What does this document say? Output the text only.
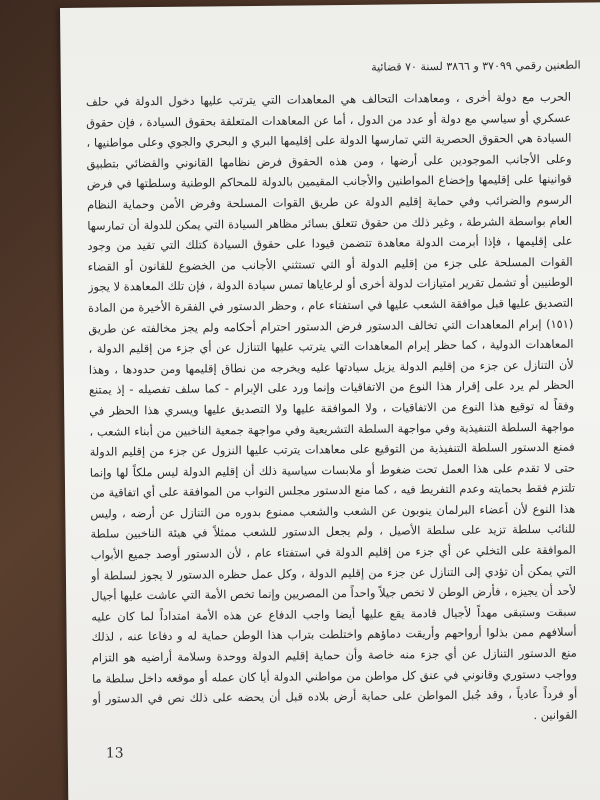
الطعنين رقمي ٣٧٠٩٩ و ٣٨٦٦ لسنة ٧٠ قضائية
الحرب مع دولة أخرى ، ومعاهدات التحالف هي المعاهدات التي يترتب عليها دخول الدولة في حلف عسكري أو سياسي مع دولة أو عدد من الدول ، أما عن المعاهدات المتعلقة بحقوق السيادة ، فإن حقوق السيادة هي الحقوق الحصرية التي تمارسها الدولة على إقليمها البري و البحري والجوي وعلى مواطنيها ، وعلى الأجانب الموجودين على أرضها ، ومن هذه الحقوق فرض نظامها القانوني والقضائي بتطبيق قوانينها على إقليمها وإخضاع المواطنين والأجانب المقيمين بالدولة للمحاكم الوطنية وسلطتها في فرض الرسوم والضرائب وفي حماية إقليم الدولة عن طريق القوات المسلحة وفرض الأمن وحماية النظام العام بواسطة الشرطة ، وغير ذلك من حقوق تتعلق بسائر مظاهر السيادة التي يمكن للدولة أن تمارسها على إقليمها ، فإذا أبرمت الدولة معاهدة تتضمن قيودا على حقوق السيادة كتلك التي تقيد من وجود القوات المسلحة على جزء من إقليم الدولة أو التي تستثني الأجانب من الخضوع للقانون أو القضاء الوطنيين أو تشمل تقرير امتيازات لدولة أخرى أو لرعاياها تمس سيادة الدولة ، فإن تلك المعاهدة لا يجوز التصديق عليها قبل موافقة الشعب عليها في استفتاء عام ، وحظر الدستور في الفقرة الأخيرة من المادة (١٥١) إبرام المعاهدات التي تخالف الدستور فرض الدستور احترام أحكامه ولم يجز مخالفته عن طريق المعاهدات الدولية ، كما حظر إبرام المعاهدات التي يترتب عليها التنازل عن أي جزء من إقليم الدولة ، لأن التنازل عن جزء من إقليم الدولة يزيل سيادتها عليه ويخرجه من نطاق إقليمها ومن حدودها ، وهذا الحظر لم يرد على إقرار هذا النوع من الاتفاقيات وإنما ورد على الإبرام - كما سلف تفصيله - إذ يمتنع وفقاً له توقيع هذا النوع من الاتفاقيات ، ولا الموافقة عليها ولا التصديق عليها ويسري هذا الحظر في مواجهة السلطة التنفيذية وفي مواجهة السلطة التشريعية وفي مواجهة جمعية الناخبين من أبناء الشعب ، فمنع الدستور السلطة التنفيذية من التوقيع على معاهدات يترتب عليها النزول عن جزء من إقليم الدولة حتى لا تقدم على هذا العمل تحت ضغوط أو ملابسات سياسية ذلك أن إقليم الدولة ليس ملكاً لها وإنما تلتزم فقط بحمايته وعدم التفريط فيه ، كما منع الدستور مجلس النواب من الموافقة على أي اتفاقية من هذا النوع لأن أعضاء البرلمان ينوبون عن الشعب والشعب ممنوع بدوره من التنازل عن أرضه ، وليس للنائب سلطة تزيد على سلطة الأصيل ، ولم يجعل الدستور للشعب ممثلاً في هيئة الناخبين سلطة الموافقة على التخلي عن أي جزء من إقليم الدولة في استفتاء عام ، لأن الدستور أوصد جميع الأبواب التي يمكن أن تؤدي إلى التنازل عن جزء من إقليم الدولة ، وكل عمل حظره الدستور لا يجوز لسلطة أو لأحد أن يجيزه ، فأرض الوطن لا تخص جيلاً واحداً من المصريين وإنما تخص الأمة التي عاشت عليها أجيال سبقت وستبقى مهداً لأجيال قادمة يقع عليها أيضا واجب الدفاع عن هذه الأمة امتداداً لما كان عليه أسلافهم ممن بذلوا أرواحهم وأريقت دماؤهم واختلطت بتراب هذا الوطن حماية له و دفاعا عنه ، لذلك منع الدستور التنازل عن أي جزء منه خاصة وأن حماية إقليم الدولة ووحدة وسلامة أراضيه هو التزام وواجب دستوري وقانوني في عنق كل مواطن من مواطني الدولة أيا كان عمله أو موقعه داخل سلطة ما أو فرداً عادياً ، وقد جُبل المواطن على حماية أرض بلاده قبل أن يحضه على ذلك نص في الدستور أو القوانين .
13
